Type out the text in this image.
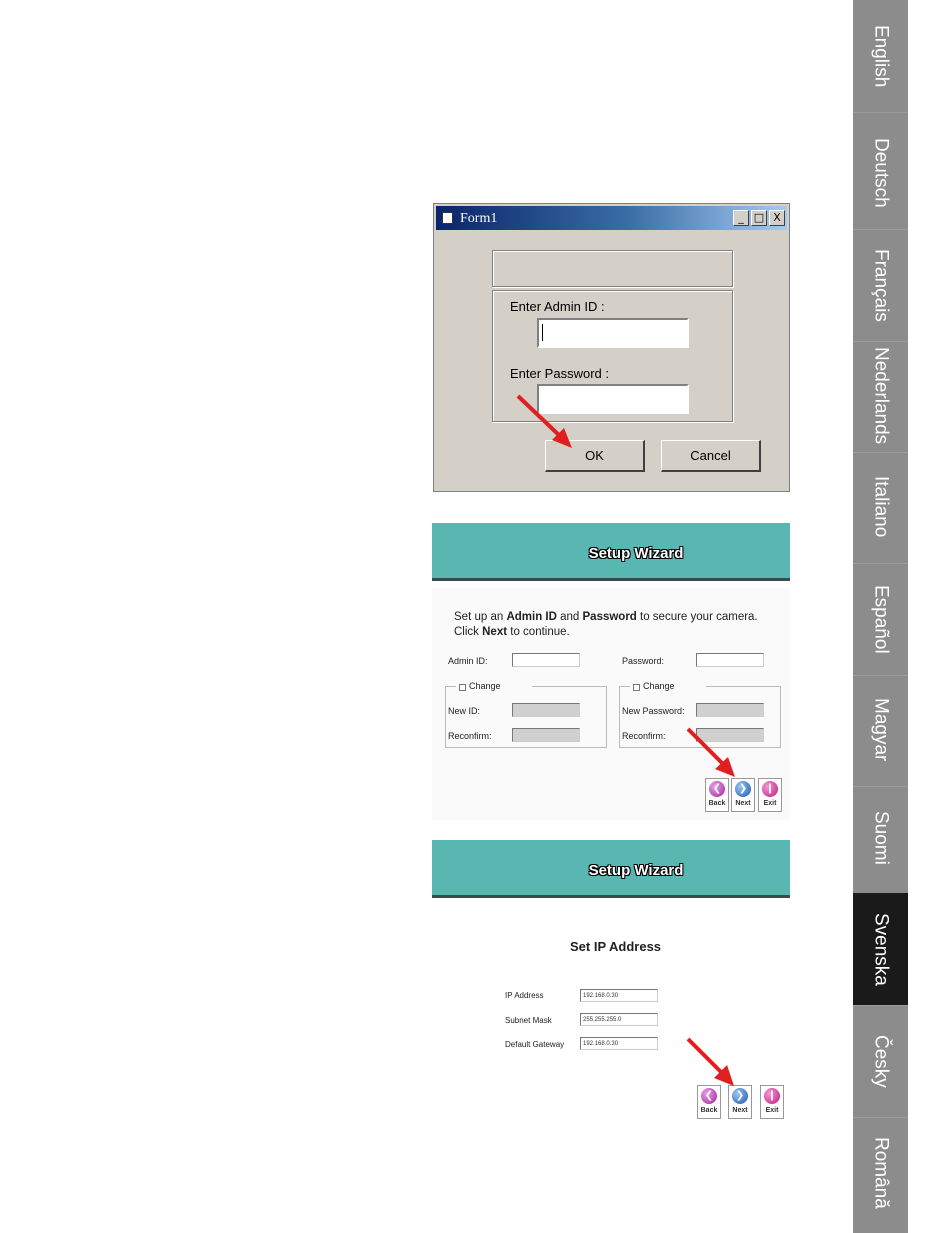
English
Deutsch
Français
Nederlands
Italiano
Español
Magyar
Suomi
Svenska
Česky
Română
Form1	_ □ X
Enter Admin ID :
Enter Password :
OK	Cancel
Setup Wizard
Set up an Admin ID and Password to secure your camera.
Click Next to continue.
Admin ID:	Password:
Change
New ID:
Reconfirm:
Change
New Password:
Reconfirm:
❮
Back
❯
Next
❙
Exit
Setup Wizard
Set IP Address
IP Address	192.168.0.30
Subnet Mask	255.255.255.0
Default Gateway	192.168.0.30
❮
Back
❯
Next
❙
Exit
